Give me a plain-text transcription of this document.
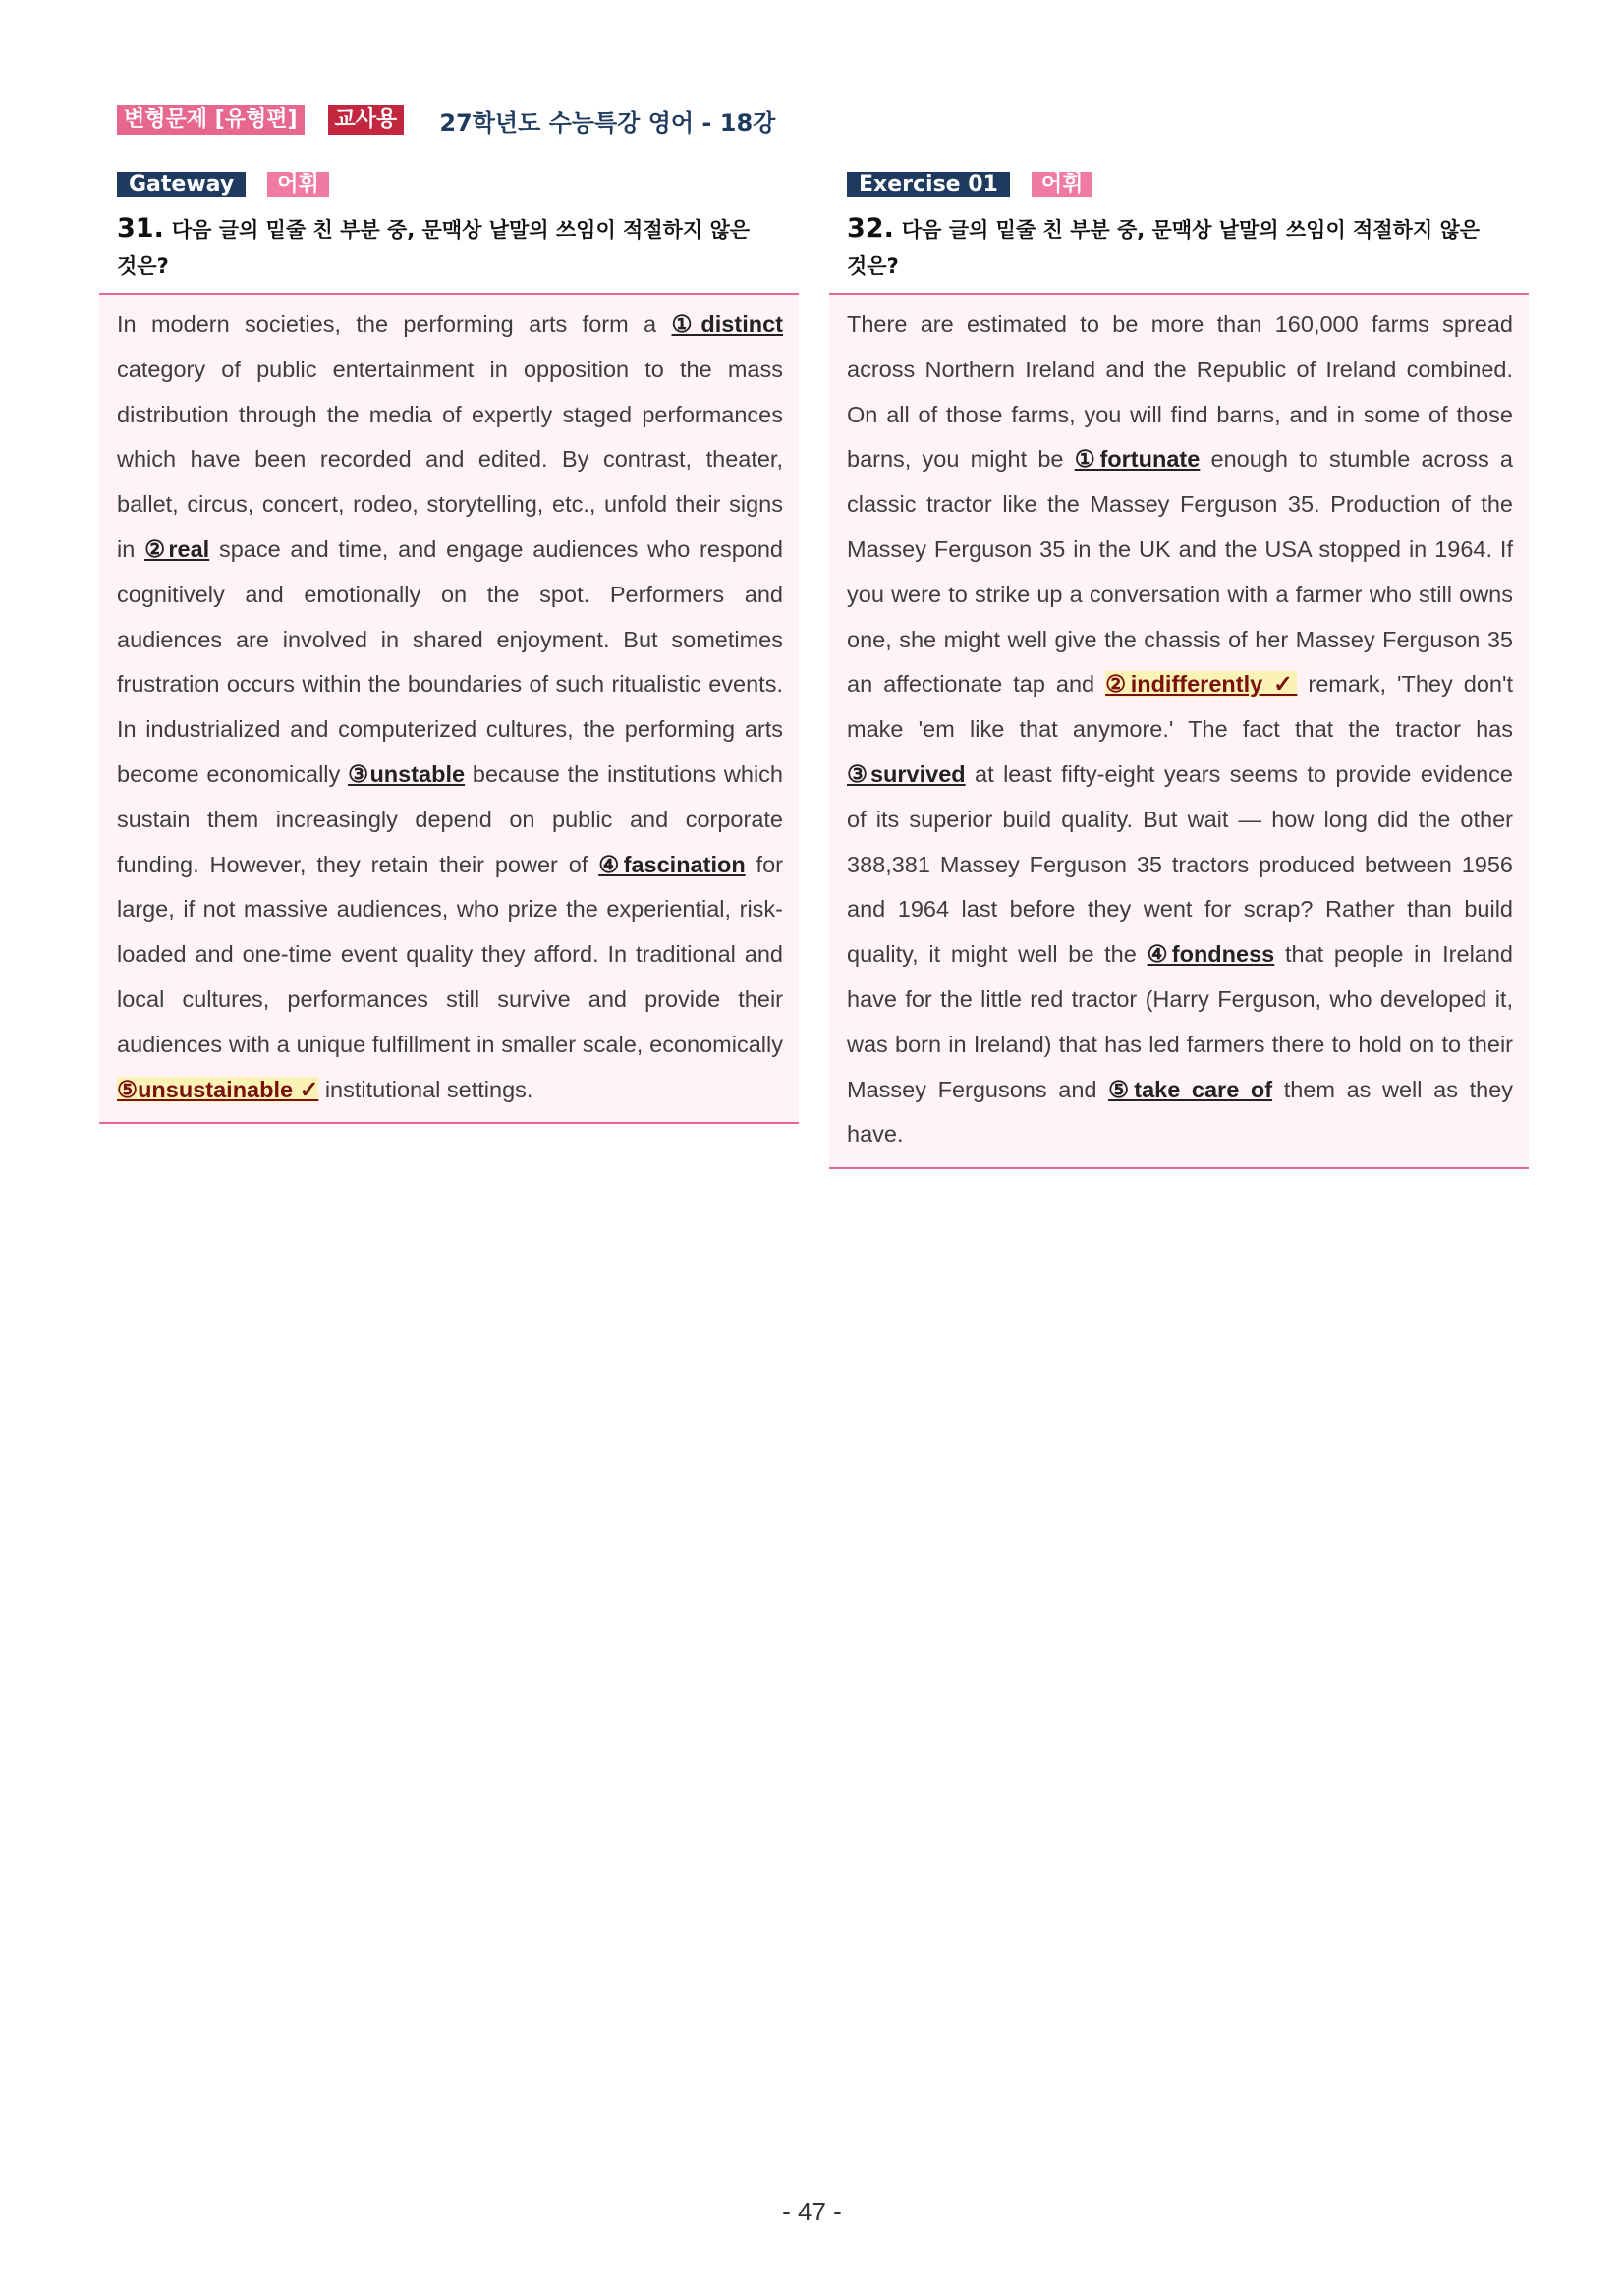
변형문제 [유형편]	교사용 27학년도 수능특강 영어 - 18강
Gateway	어휘
31. 다음 글의 밑줄 친 부분 중, 문맥상 낱말의 쓰임이 적절하지 않은 것은?

In modern societies, the performing arts form a ①distinct category of public entertainment in opposition to the mass distribution through the media of expertly staged performances which have been recorded and edited. By contrast, theater, ballet, circus, concert, rodeo, storytelling, etc., unfold their signs in ②real space and time, and engage audiences who respond cognitively and emotionally on the spot. Performers and audiences are involved in shared enjoyment. But sometimes frustration occurs within the boundaries of such ritualistic events. In industrialized and computerized cultures, the performing arts become economically ③unstable because the institutions which sustain them increasingly depend on public and corporate funding. However, they retain their power of ④fascination for large, if not massive audiences, who prize the experiential, risk-loaded and one-time event quality they afford. In traditional and local cultures, performances still survive and provide their audiences with a unique fulfillment in smaller scale, economically ⑤unsustainable ✓ institutional settings.

Exercise 01	어휘
32. 다음 글의 밑줄 친 부분 중, 문맥상 낱말의 쓰임이 적절하지 않은 것은?

There are estimated to be more than 160,000 farms spread across Northern Ireland and the Republic of Ireland combined. On all of those farms, you will find barns, and in some of those barns, you might be ①fortunate enough to stumble across a classic tractor like the Massey Ferguson 35. Production of the Massey Ferguson 35 in the UK and the USA stopped in 1964. If you were to strike up a conversation with a farmer who still owns one, she might well give the chassis of her Massey Ferguson 35 an affectionate tap and ②indifferently ✓ remark, 'They don't make 'em like that anymore.' The fact that the tractor has ③survived at least fifty-eight years seems to provide evidence of its superior build quality. But wait — how long did the other 388,381 Massey Ferguson 35 tractors produced between 1956 and 1964 last before they went for scrap? Rather than build quality, it might well be the ④fondness that people in Ireland have for the little red tractor (Harry Ferguson, who developed it, was born in Ireland) that has led farmers there to hold on to their Massey Fergusons and ⑤take care of them as well as they have.

- 47 -
